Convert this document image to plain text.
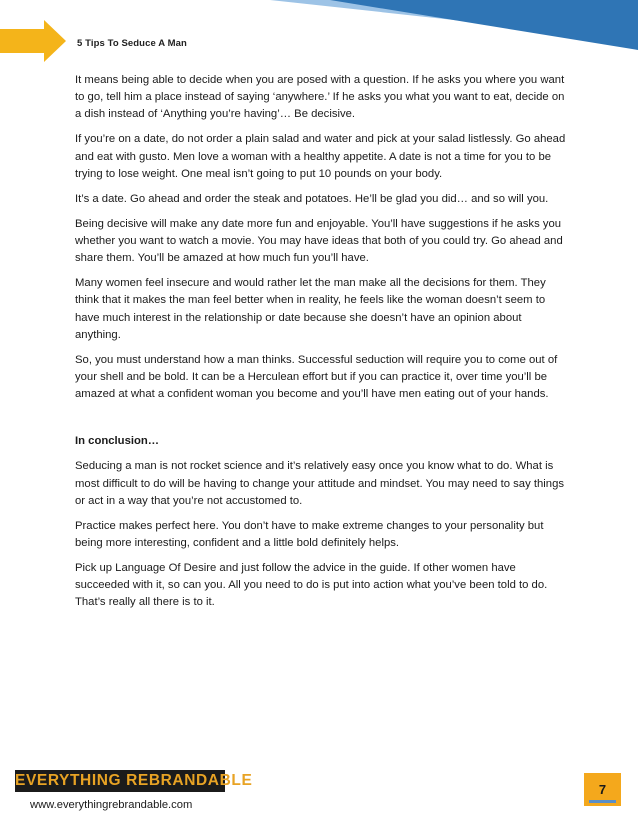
5 Tips To Seduce A Man

It means being able to decide when you are posed with a question. If he asks you where you want to go, tell him a place instead of saying ‘anywhere.’ If he asks you what you want to eat, decide on a dish instead of ‘Anything you’re having’… Be decisive.

If you’re on a date, do not order a plain salad and water and pick at your salad listlessly. Go ahead and eat with gusto. Men love a woman with a healthy appetite. A date is not a time for you to be trying to lose weight. One meal isn’t going to put 10 pounds on your body.

It’s a date. Go ahead and order the steak and potatoes. He’ll be glad you did… and so will you.

Being decisive will make any date more fun and enjoyable. You’ll have suggestions if he asks you whether you want to watch a movie. You may have ideas that both of you could try. Go ahead and share them. You’ll be amazed at how much fun you’ll have.

Many women feel insecure and would rather let the man make all the decisions for them. They think that it makes the man feel better when in reality, he feels like the woman doesn’t seem to have much interest in the relationship or date because she doesn’t have an opinion about anything.

So, you must understand how a man thinks. Successful seduction will require you to come out of your shell and be bold. It can be a Herculean effort but if you can practice it, over time you’ll be amazed at what a confident woman you become and you’ll have men eating out of your hands.

In conclusion…

Seducing a man is not rocket science and it’s relatively easy once you know what to do. What is most difficult to do will be having to change your attitude and mindset. You may need to say things or act in a way that you’re not accustomed to.

Practice makes perfect here. You don’t have to make extreme changes to your personality but being more interesting, confident and a little bold definitely helps.

Pick up Language Of Desire and just follow the advice in the guide. If other women have succeeded with it, so can you. All you need to do is put into action what you’ve been told to do. That’s really all there is to it.

EVERYTHING REBRANDABLE
www.everythingrebrandable.com
7
